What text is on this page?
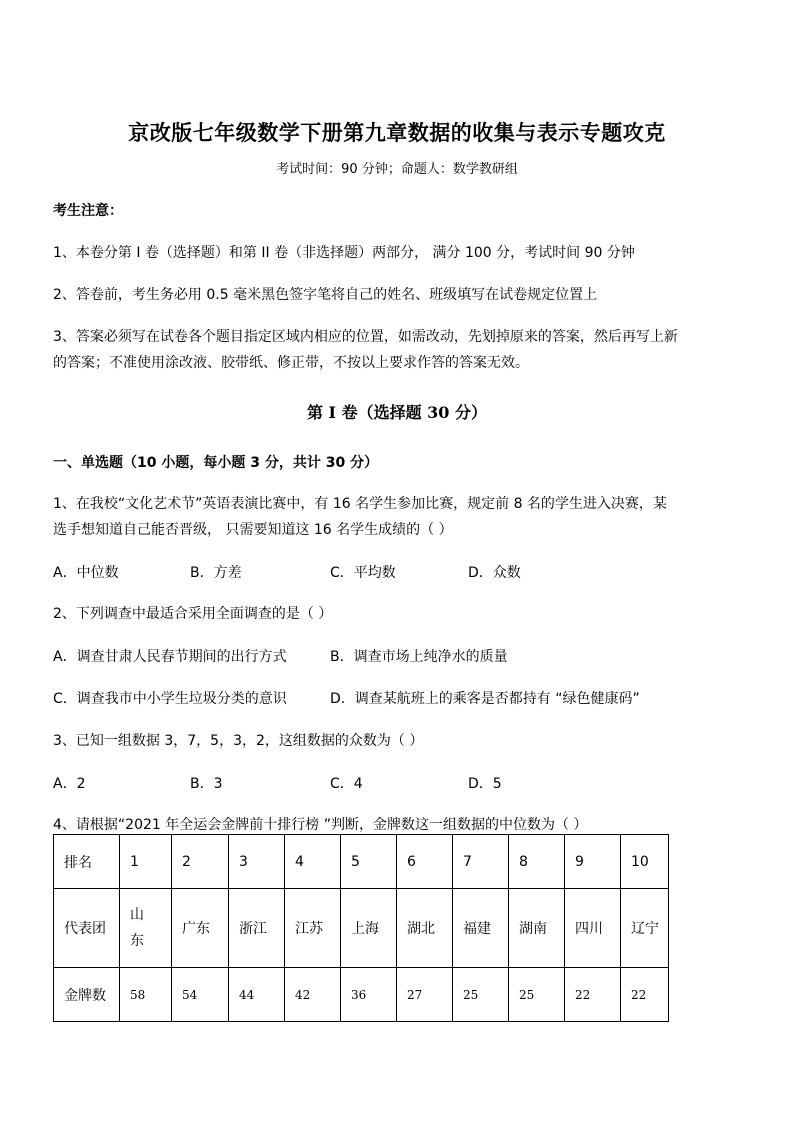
京改版七年级数学下册第九章数据的收集与表示专题攻克
考试时间：90 分钟；命题人：数学教研组
考生注意：
1、本卷分第 I 卷（选择题）和第 II 卷（非选择题）两部分， 满分 100 分，考试时间 90 分钟
2、答卷前，考生务必用 0.5 毫米黑色签字笔将自己的姓名、班级填写在试卷规定位置上
3、答案必须写在试卷各个题目指定区域内相应的位置，如需改动，先划掉原来的答案，然后再写上新
的答案；不准使用涂改液、胶带纸、修正带，不按以上要求作答的答案无效。
第 I 卷（选择题 30 分）
一、单选题（10 小题，每小题 3 分，共计 30 分）
1、在我校“文化艺术节”英语表演比赛中，有 16 名学生参加比赛，规定前 8 名的学生进入决赛，某
选手想知道自己能否晋级， 只需要知道这 16 名学生成绩的（ ）
A．中位数	B．方差	C．平均数	D．众数
2、下列调查中最适合采用全面调查的是（ ）
A．调查甘肃人民春节期间的出行方式	B．调查市场上纯净水的质量
C．调查我市中小学生垃圾分类的意识	D．调查某航班上的乘客是否都持有 “绿色健康码”
3、已知一组数据 3，7，5，3，2，这组数据的众数为（ ）
A．2	B．3	C．4	D．5
4、请根据“2021 年全运会金牌前十排行榜 ”判断，金牌数这一组数据的中位数为（ ）
排名	1	2	3	4	5	6	7	8	9	10
代表团	山东	广东	浙江	江苏	上海	湖北	福建	湖南	四川	辽宁
金牌数	58	54	44	42	36	27	25	25	22	22
